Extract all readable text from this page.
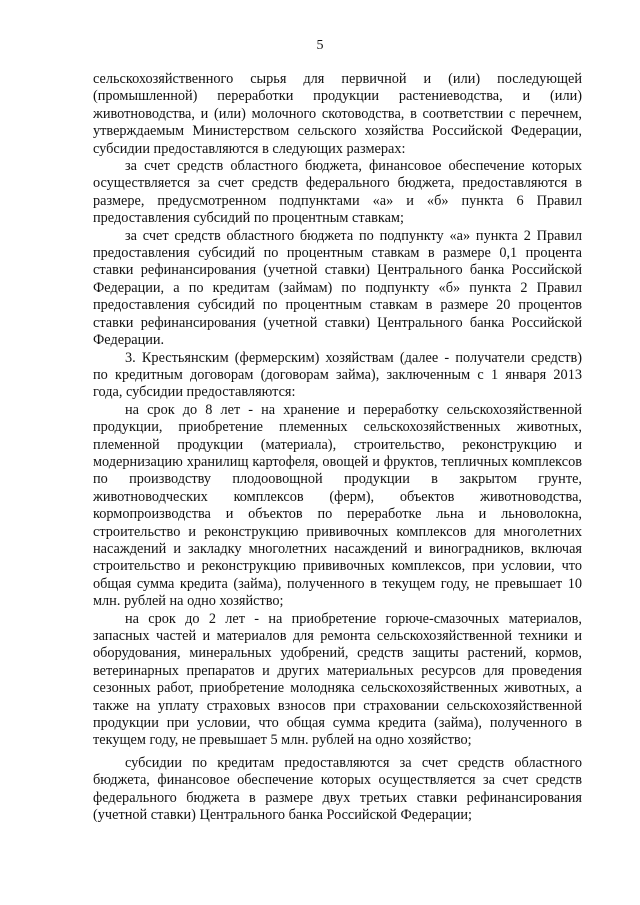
5

сельскохозяйственного сырья для первичной и (или) последующей (промышленной) переработки продукции растениеводства, и (или) животноводства, и (или) молочного скотоводства, в соответствии с перечнем, утверждаемым Министерством сельского хозяйства Российской Федерации, субсидии предоставляются в следующих размерах:

за счет средств областного бюджета, финансовое обеспечение которых осуществляется за счет средств федерального бюджета, предоставляются в размере, предусмотренном подпунктами «а» и «б» пункта 6 Правил предоставления субсидий по процентным ставкам;

за счет средств областного бюджета по подпункту «а» пункта 2 Правил предоставления субсидий по процентным ставкам в размере 0,1 процента ставки рефинансирования (учетной ставки) Центрального банка Российской Федерации, а по кредитам (займам) по подпункту «б» пункта 2 Правил предоставления субсидий по процентным ставкам в размере 20 процентов ставки рефинансирования (учетной ставки) Центрального банка Российской Федерации.

3. Крестьянским (фермерским) хозяйствам (далее - получатели средств) по кредитным договорам (договорам займа), заключенным с 1 января 2013 года, субсидии предоставляются:

на срок до 8 лет - на хранение и переработку сельскохозяйственной продукции, приобретение племенных сельскохозяйственных животных, племенной продукции (материала), строительство, реконструкцию и модернизацию хранилищ картофеля, овощей и фруктов, тепличных комплексов по производству плодоовощной продукции в закрытом грунте, животноводческих комплексов (ферм), объектов животноводства, кормопроизводства и объектов по переработке льна и льноволокна, строительство и реконструкцию прививочных комплексов для многолетних насаждений и закладку многолетних насаждений и виноградников, включая строительство и реконструкцию прививочных комплексов, при условии, что общая сумма кредита (займа), полученного в текущем году, не превышает 10 млн. рублей на одно хозяйство;

на срок до 2 лет - на приобретение горюче-смазочных материалов, запасных частей и материалов для ремонта сельскохозяйственной техники и оборудования, минеральных удобрений, средств защиты растений, кормов, ветеринарных препаратов и других материальных ресурсов для проведения сезонных работ, приобретение молодняка сельскохозяйственных животных, а также на уплату страховых взносов при страховании сельскохозяйственной продукции при условии, что общая сумма кредита (займа), полученного в текущем году, не превышает 5 млн. рублей на одно хозяйство;

субсидии по кредитам предоставляются за счет средств областного бюджета, финансовое обеспечение которых осуществляется за счет средств федерального бюджета в размере двух третьих ставки рефинансирования (учетной ставки) Центрального банка Российской Федерации;
